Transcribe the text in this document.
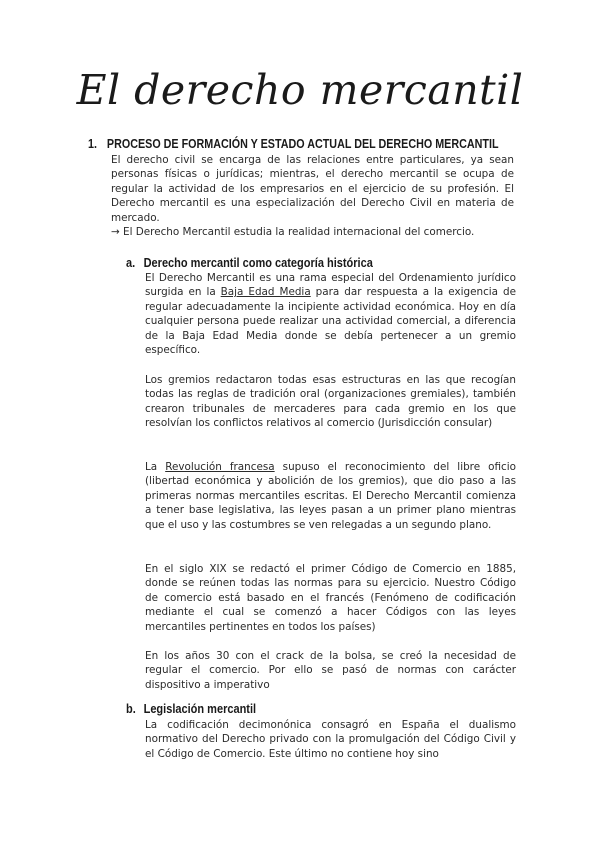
El derecho mercantil
1. PROCESO DE FORMACIÓN Y ESTADO ACTUAL DEL DERECHO MERCANTIL

El derecho civil se encarga de las relaciones entre particulares, ya sean personas físicas o jurídicas; mientras, el derecho mercantil se ocupa de regular la actividad de los empresarios en el ejercicio de su profesión. El Derecho mercantil es una especialización del Derecho Civil en materia de mercado.
→ El Derecho Mercantil estudia la realidad internacional del comercio.

a. Derecho mercantil como categoría histórica

El Derecho Mercantil es una rama especial del Ordenamiento jurídico surgida en la Baja Edad Media para dar respuesta a la exigencia de regular adecuadamente la incipiente actividad económica. Hoy en día cualquier persona puede realizar una actividad comercial, a diferencia de la Baja Edad Media donde se debía pertenecer a un gremio específico.

Los gremios redactaron todas esas estructuras en las que recogían todas las reglas de tradición oral (organizaciones gremiales), también crearon tribunales de mercaderes para cada gremio en los que resolvían los conflictos relativos al comercio (Jurisdicción consular)

La Revolución francesa supuso el reconocimiento del libre oficio (libertad económica y abolición de los gremios), que dio paso a las primeras normas mercantiles escritas. El Derecho Mercantil comienza a tener base legislativa, las leyes pasan a un primer plano mientras que el uso y las costumbres se ven relegadas a un segundo plano.

En el siglo XIX se redactó el primer Código de Comercio en 1885, donde se reúnen todas las normas para su ejercicio. Nuestro Código de comercio está basado en el francés (Fenómeno de codificación mediante el cual se comenzó a hacer Códigos con las leyes mercantiles pertinentes en todos los países)

En los años 30 con el crack de la bolsa, se creó la necesidad de regular el comercio. Por ello se pasó de normas con carácter dispositivo a imperativo

b. Legislación mercantil

La codificación decimonónica consagró en España el dualismo normativo del Derecho privado con la promulgación del Código Civil y el Código de Comercio. Este último no contiene hoy sino
